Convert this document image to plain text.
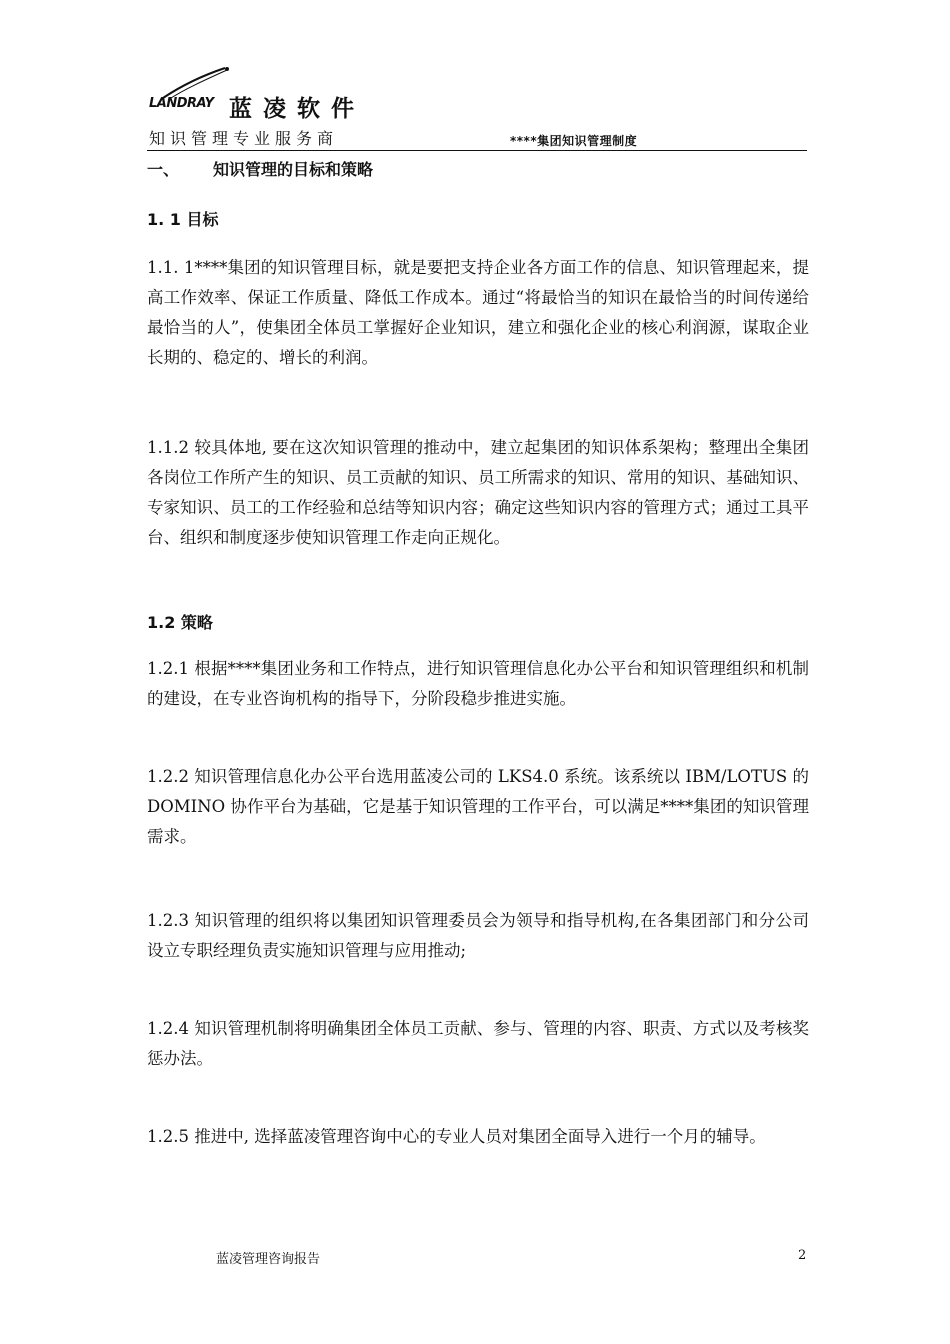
LANDRAY 蓝凌软件
知识管理专业服务商	****集团知识管理制度
一、 知识管理的目标和策略
1. 1 目标

1.1. 1****集团的知识管理目标，就是要把支持企业各方面工作的信息、知识管理起来，提高工作效率、保证工作质量、降低工作成本。通过“将最恰当的知识在最恰当的时间传递给最恰当的人”，使集团全体员工掌握好企业知识，建立和强化企业的核心利润源，谋取企业长期的、稳定的、增长的利润。

1.1.2 较具体地, 要在这次知识管理的推动中，建立起集团的知识体系架构；整理出全集团各岗位工作所产生的知识、员工贡献的知识、员工所需求的知识、常用的知识、基础知识、专家知识、员工的工作经验和总结等知识内容；确定这些知识内容的管理方式；通过工具平台、组织和制度逐步使知识管理工作走向正规化。

1.2 策略

1.2.1 根据****集团业务和工作特点，进行知识管理信息化办公平台和知识管理组织和机制的建设，在专业咨询机构的指导下，分阶段稳步推进实施。

1.2.2 知识管理信息化办公平台选用蓝凌公司的 LKS4.0 系统。该系统以 IBM/LOTUS 的 DOMINO 协作平台为基础，它是基于知识管理的工作平台，可以满足****集团的知识管理需求。

1.2.3 知识管理的组织将以集团知识管理委员会为领导和指导机构,在各集团部门和分公司设立专职经理负责实施知识管理与应用推动;

1.2.4 知识管理机制将明确集团全体员工贡献、参与、管理的内容、职责、方式以及考核奖惩办法。

1.2.5 推进中, 选择蓝凌管理咨询中心的专业人员对集团全面导入进行一个月的辅导。

蓝凌管理咨询报告	2
